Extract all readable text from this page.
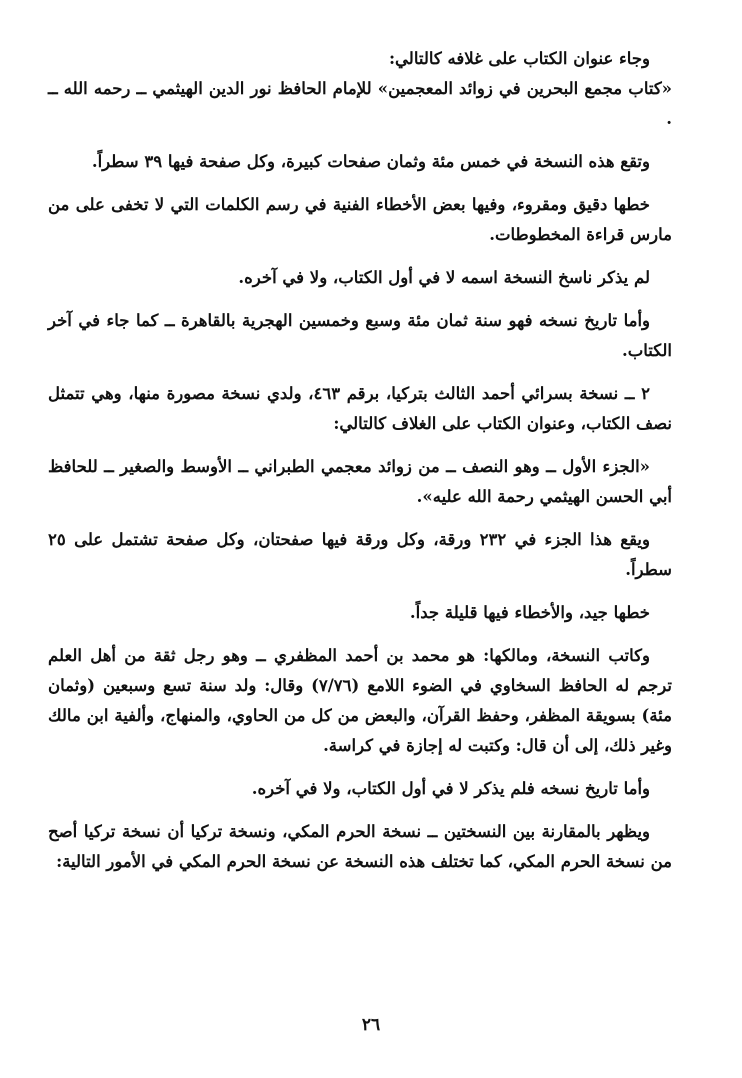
وجاء عنوان الكتاب على غلافه كالتالي:

«كتاب مجمع البحرين في زوائد المعجمين» للإمام الحافظ نور الدين الهيثمي ــ رحمه الله ــ .

وتقع هذه النسخة في خمس مئة وثمان صفحات كبيرة، وكل صفحة فيها ٣٩ سطراً.

خطها دقيق ومقروء، وفيها بعض الأخطاء الفنية في رسم الكلمات التي لا تخفى على من مارس قراءة المخطوطات.

لم يذكر ناسخ النسخة اسمه لا في أول الكتاب، ولا في آخره.

وأما تاريخ نسخه فهو سنة ثمان مئة وسبع وخمسين الهجرية بالقاهرة ــ كما جاء في آخر الكتاب.

٢ ــ نسخة بسرائي أحمد الثالث بتركيا، برقم ٤٦٣، ولدي نسخة مصورة منها، وهي تتمثل نصف الكتاب، وعنوان الكتاب على الغلاف كالتالي:

«الجزء الأول ــ وهو النصف ــ من زوائد معجمي الطبراني ــ الأوسط والصغير ــ للحافظ أبي الحسن الهيثمي رحمة الله عليه».

ويقع هذا الجزء في ٢٣٢ ورقة، وكل ورقة فيها صفحتان، وكل صفحة تشتمل على ٢٥ سطراً.

خطها جيد، والأخطاء فيها قليلة جداً.

وكاتب النسخة، ومالكها: هو محمد بن أحمد المظفري ــ وهو رجل ثقة من أهل العلم ترجم له الحافظ السخاوي في الضوء اللامع (٧/٧٦) وقال: ولد سنة تسع وسبعين (وثمان مئة) بسويقة المظفر، وحفظ القرآن، والبعض من كل من الحاوي، والمنهاج، وألفية ابن مالك وغير ذلك، إلى أن قال: وكتبت له إجازة في كراسة.

وأما تاريخ نسخه فلم يذكر لا في أول الكتاب، ولا في آخره.

ويظهر بالمقارنة بين النسختين ــ نسخة الحرم المكي، ونسخة تركيا أن نسخة تركيا أصح من نسخة الحرم المكي، كما تختلف هذه النسخة عن نسخة الحرم المكي في الأمور التالية:

٢٦
